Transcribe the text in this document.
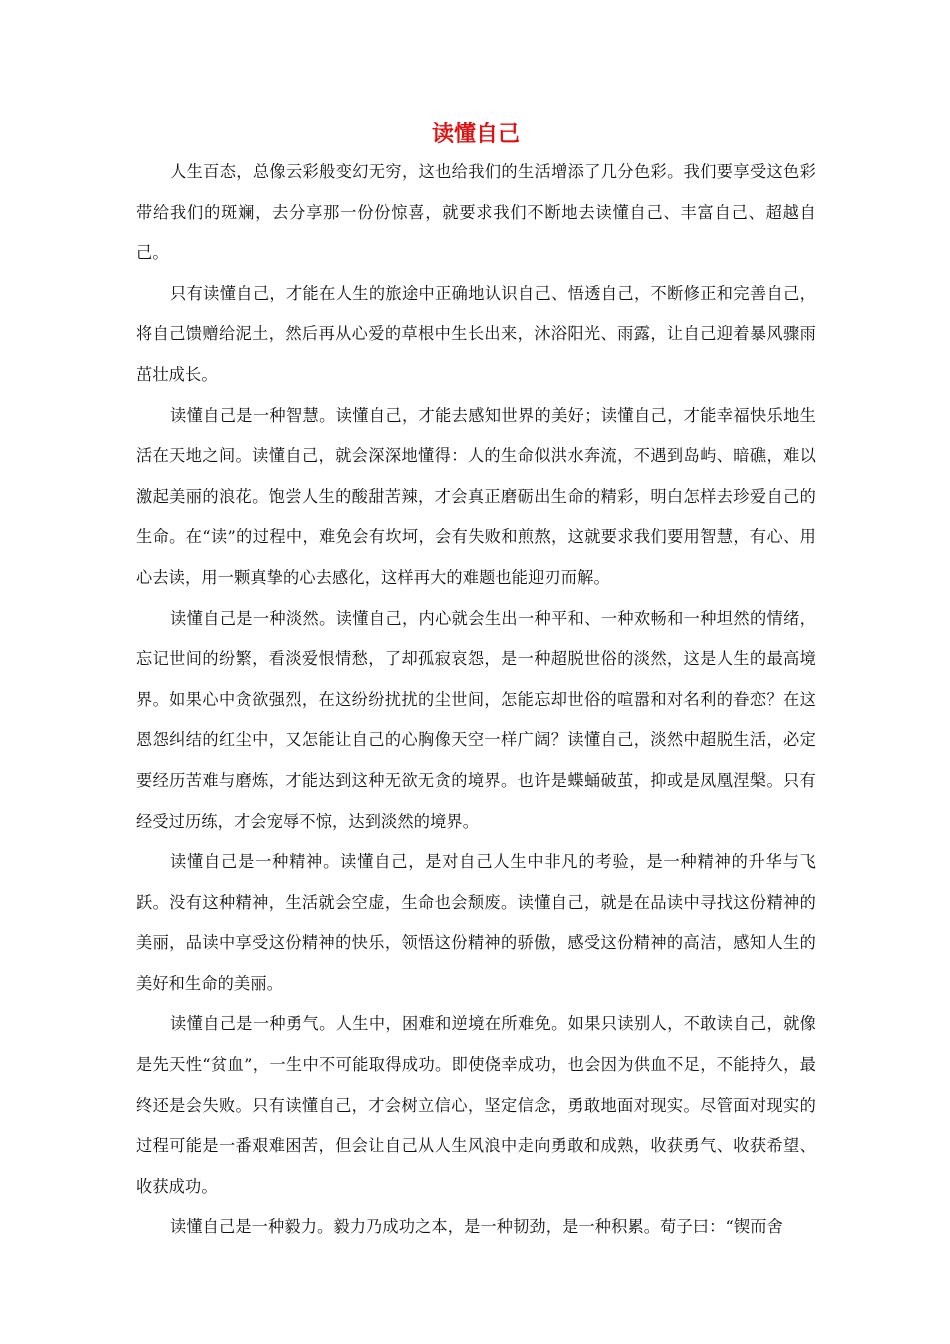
读懂自己

人生百态，总像云彩般变幻无穷，这也给我们的生活增添了几分色彩。我们要享受这色彩带给我们的斑斓，去分享那一份份惊喜，就要求我们不断地去读懂自己、丰富自己、超越自己。

只有读懂自己，才能在人生的旅途中正确地认识自己、悟透自己，不断修正和完善自己，将自己馈赠给泥土，然后再从心爱的草根中生长出来，沐浴阳光、雨露，让自己迎着暴风骤雨茁壮成长。

读懂自己是一种智慧。读懂自己，才能去感知世界的美好；读懂自己，才能幸福快乐地生活在天地之间。读懂自己，就会深深地懂得：人的生命似洪水奔流，不遇到岛屿、暗礁，难以激起美丽的浪花。饱尝人生的酸甜苦辣，才会真正磨砺出生命的精彩，明白怎样去珍爱自己的生命。在“读”的过程中，难免会有坎坷，会有失败和煎熬，这就要求我们要用智慧，有心、用心去读，用一颗真挚的心去感化，这样再大的难题也能迎刃而解。

读懂自己是一种淡然。读懂自己，内心就会生出一种平和、一种欢畅和一种坦然的情绪，忘记世间的纷繁，看淡爱恨情愁，了却孤寂哀怨，是一种超脱世俗的淡然，这是人生的最高境界。如果心中贪欲强烈，在这纷纷扰扰的尘世间，怎能忘却世俗的喧嚣和对名利的眷恋？在这恩怨纠结的红尘中，又怎能让自己的心胸像天空一样广阔？读懂自己，淡然中超脱生活，必定要经历苦难与磨炼，才能达到这种无欲无贪的境界。也许是蝶蛹破茧，抑或是凤凰涅槃。只有经受过历练，才会宠辱不惊，达到淡然的境界。

读懂自己是一种精神。读懂自己，是对自己人生中非凡的考验，是一种精神的升华与飞跃。没有这种精神，生活就会空虚，生命也会颓废。读懂自己，就是在品读中寻找这份精神的美丽，品读中享受这份精神的快乐，领悟这份精神的骄傲，感受这份精神的高洁，感知人生的美好和生命的美丽。

读懂自己是一种勇气。人生中，困难和逆境在所难免。如果只读别人，不敢读自己，就像是先天性“贫血”，一生中不可能取得成功。即使侥幸成功，也会因为供血不足，不能持久，最终还是会失败。只有读懂自己，才会树立信心，坚定信念，勇敢地面对现实。尽管面对现实的过程可能是一番艰难困苦，但会让自己从人生风浪中走向勇敢和成熟，收获勇气、收获希望、收获成功。

读懂自己是一种毅力。毅力乃成功之本，是一种韧劲，是一种积累。荀子曰：“锲而舍
